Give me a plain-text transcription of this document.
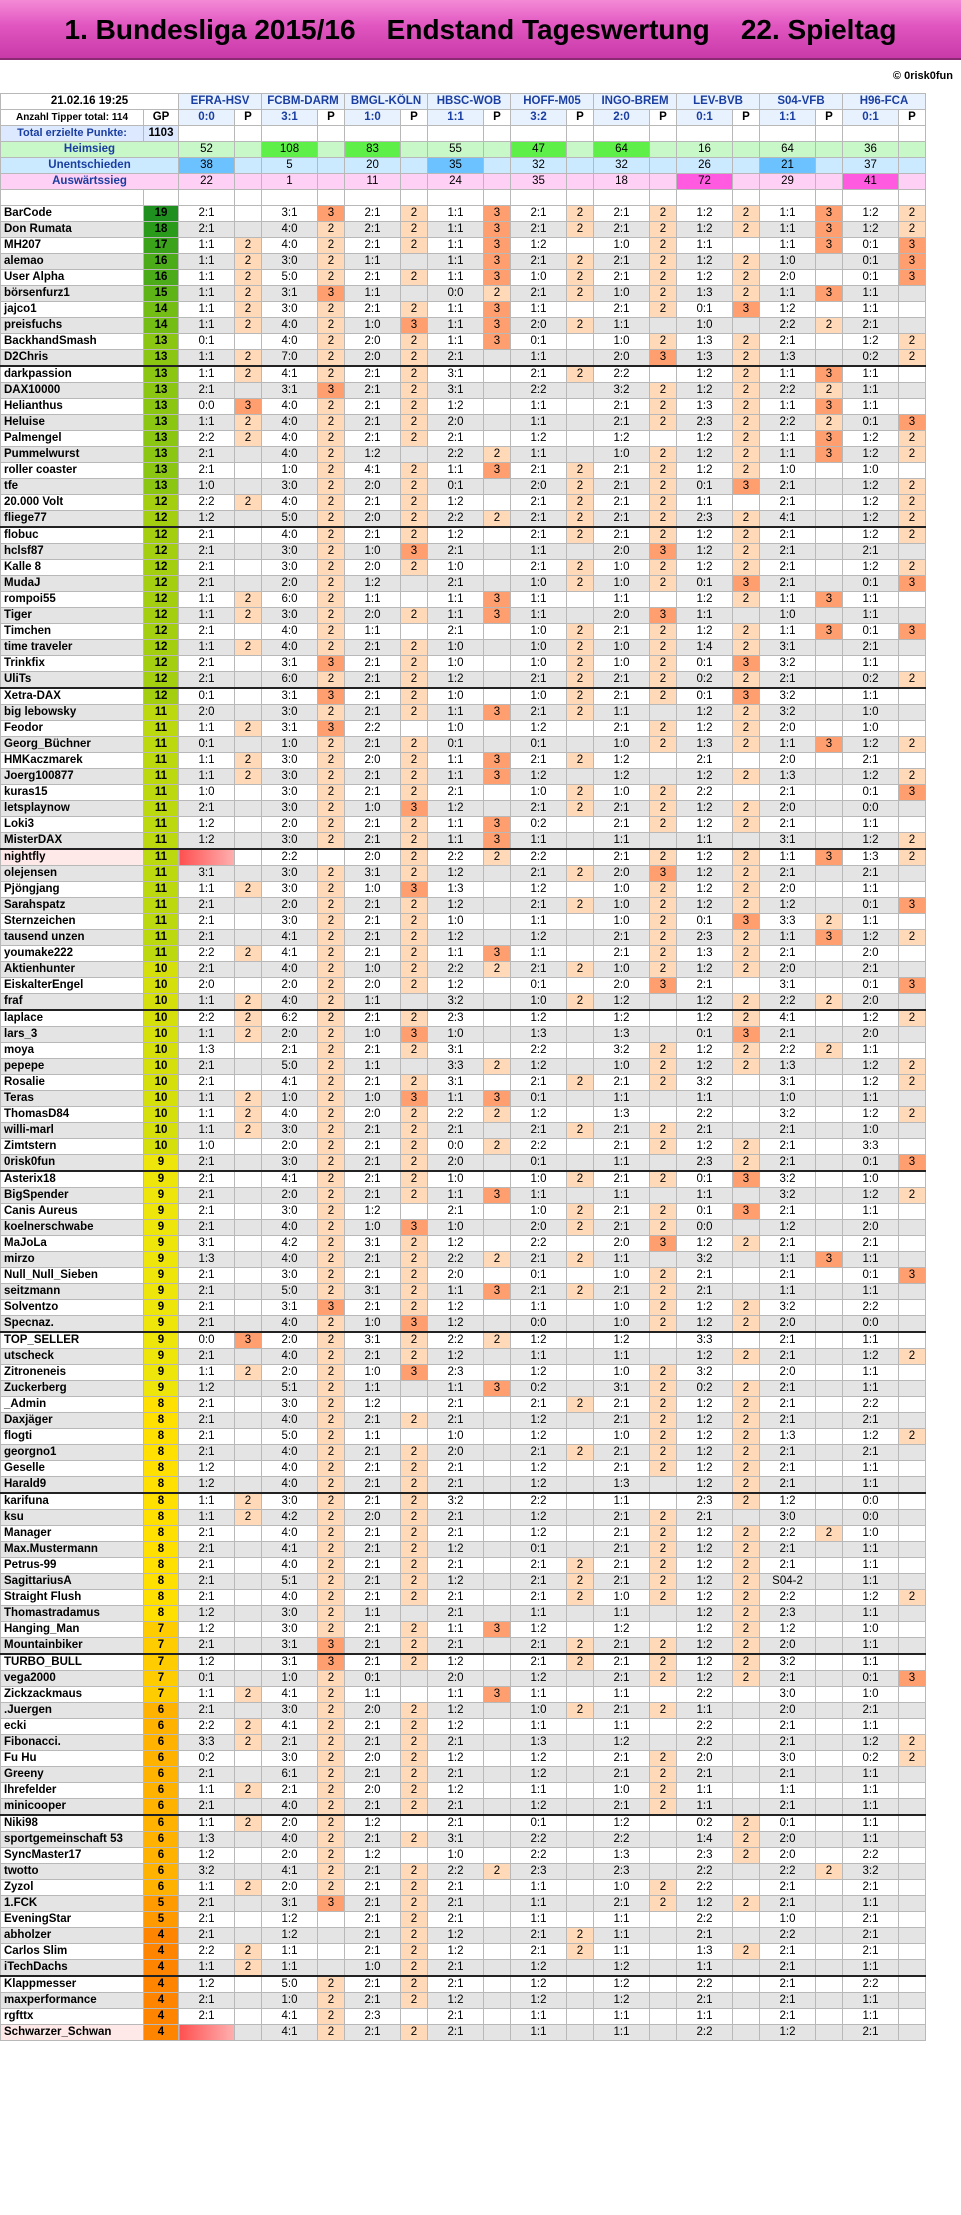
1. Bundesliga 2015/16    Endstand Tageswertung    22. Spieltag
© 0risk0fun
21.02.16 19:25		EFRA-HSV		FCBM-DARM		BMGL-KÖLN		HBSC-WOB		HOFF-M05		INGO-BREM		LEV-BVB		S04-VFB		H96-FCA	
Anzahl Tipper total: 114	GP	0:0	P	3:1	P	1:0	P	1:1	P	3:2	P	2:0	P	0:1	P	1:1	P	0:1	P
Total erzielte Punkte:	1103																		
Heimsieg		52		108		83		55		47		64		16		64		36	
Unentschieden		38		5		20		35		32		32		26		21		37	
Auswärtssieg		22		1		11		24		35		18		72		29		41	

BarCode	19	2:1		3:1	3	2:1	2	1:1	3	2:1	2	2:1	2	1:2	2	1:1	3	1:2	2
Don Rumata	18	2:1		4:0	2	2:1	2	1:1	3	2:1	2	2:1	2	1:2	2	1:1	3	1:2	2
MH207	17	1:1	2	4:0	2	2:1	2	1:1	3	1:2		1:0	2	1:1		1:1	3	0:1	3
alemao	16	1:1	2	3:0	2	1:1		1:1	3	2:1	2	2:1	2	1:2	2	1:0		0:1	3
User Alpha	16	1:1	2	5:0	2	2:1	2	1:1	3	1:0	2	2:1	2	1:2	2	2:0		0:1	3
börsenfurz1	15	1:1	2	3:1	3	1:1		0:0	2	2:1	2	1:0	2	1:3	2	1:1	3	1:1	
jajco1	14	1:1	2	3:0	2	2:1	2	1:1	3	1:1		2:1	2	0:1	3	1:2		1:1	
preisfuchs	14	1:1	2	4:0	2	1:0	3	1:1	3	2:0	2	1:1		1:0		2:2	2	2:1	
BackhandSmash	13	0:1		4:0	2	2:0	2	1:1	3	0:1		1:0	2	1:3	2	2:1		1:2	2
D2Chris	13	1:1	2	7:0	2	2:0	2	2:1		1:1		2:0	3	1:3	2	1:3		0:2	2
darkpassion	13	1:1	2	4:1	2	2:1	2	3:1		2:1	2	2:2		1:2	2	1:1	3	1:1	
DAX10000	13	2:1		3:1	3	2:1	2	3:1		2:2		3:2	2	1:2	2	2:2	2	1:1	
Helianthus	13	0:0	3	4:0	2	2:1	2	1:2		1:1		2:1	2	1:3	2	1:1	3	1:1	
Heluise	13	1:1	2	4:0	2	2:1	2	2:0		1:1		2:1	2	2:3	2	2:2	2	0:1	3
Palmengel	13	2:2	2	4:0	2	2:1	2	2:1		1:2		1:2		1:2	2	1:1	3	1:2	2
Pummelwurst	13	2:1		4:0	2	1:2		2:2	2	1:1		1:0	2	1:2	2	1:1	3	1:2	2
roller coaster	13	2:1		1:0	2	4:1	2	1:1	3	2:1	2	2:1	2	1:2	2	1:0		1:0	
tfe	13	1:0		3:0	2	2:0	2	0:1		2:0	2	2:1	2	0:1	3	2:1		1:2	2
20.000 Volt	12	2:2	2	4:0	2	2:1	2	1:2		2:1	2	2:1	2	1:1		2:1		1:2	2
fliege77	12	1:2		5:0	2	2:0	2	2:2	2	2:1	2	2:1	2	2:3	2	4:1		1:2	2
flobuc	12	2:1		4:0	2	2:1	2	1:2		2:1	2	2:1	2	1:2	2	2:1		1:2	2
hclsf87	12	2:1		3:0	2	1:0	3	2:1		1:1		2:0	3	1:2	2	2:1		2:1	
Kalle 8	12	2:1		3:0	2	2:0	2	1:0		2:1	2	1:0	2	1:2	2	2:1		1:2	2
MudaJ	12	2:1		2:0	2	1:2		2:1		1:0	2	1:0	2	0:1	3	2:1		0:1	3
rompoi55	12	1:1	2	6:0	2	1:1		1:1	3	1:1		1:1		1:2	2	1:1	3	1:1	
Tiger	12	1:1	2	3:0	2	2:0	2	1:1	3	1:1		2:0	3	1:1		1:0		1:1	
Timchen	12	2:1		4:0	2	1:1		2:1		1:0	2	2:1	2	1:2	2	1:1	3	0:1	3
time traveler	12	1:1	2	4:0	2	2:1	2	1:0		1:0	2	1:0	2	1:4	2	3:1		2:1	
Trinkfix	12	2:1		3:1	3	2:1	2	1:0		1:0	2	1:0	2	0:1	3	3:2		1:1	
UliTs	12	2:1		6:0	2	2:1	2	1:2		2:1	2	2:1	2	0:2	2	2:1		0:2	2
Xetra-DAX	12	0:1		3:1	3	2:1	2	1:0		1:0	2	2:1	2	0:1	3	3:2		1:1	
big lebowsky	11	2:0		3:0	2	2:1	2	1:1	3	2:1	2	1:1		1:2	2	3:2		1:0	
Feodor	11	1:1	2	3:1	3	2:2		1:0		1:2		2:1	2	1:2	2	2:0		1:0	
Georg_Büchner	11	0:1		1:0	2	2:1	2	0:1		0:1		1:0	2	1:3	2	1:1	3	1:2	2
HMKaczmarek	11	1:1	2	3:0	2	2:0	2	1:1	3	2:1	2	1:2		2:1		2:0		2:1	
Joerg100877	11	1:1	2	3:0	2	2:1	2	1:1	3	1:2		1:2		1:2	2	1:3		1:2	2
kuras15	11	1:0		3:0	2	2:1	2	2:1		1:0	2	1:0	2	2:2		2:1		0:1	3
letsplaynow	11	2:1		3:0	2	1:0	3	1:2		2:1	2	2:1	2	1:2	2	2:0		0:0	
Loki3	11	1:2		2:0	2	2:1	2	1:1	3	0:2		2:1	2	1:2	2	2:1		1:1	
MisterDAX	11	1:2		3:0	2	2:1	2	1:1	3	1:1		1:1		1:1		3:1		1:2	2
nightfly	11			2:2		2:0	2	2:2	2	2:2		2:1	2	1:2	2	1:1	3	1:3	2
olejensen	11	3:1		3:0	2	3:1	2	1:2		2:1	2	2:0	3	1:2	2	2:1		2:1	
Pjöngjang	11	1:1	2	3:0	2	1:0	3	1:3		1:2		1:0	2	1:2	2	2:0		1:1	
Sarahspatz	11	2:1		2:0	2	2:1	2	1:2		2:1	2	1:0	2	1:2	2	1:2		0:1	3
Sternzeichen	11	2:1		3:0	2	2:1	2	1:0		1:1		1:0	2	0:1	3	3:3	2	1:1	
tausend unzen	11	2:1		4:1	2	2:1	2	1:2		1:2		2:1	2	2:3	2	1:1	3	1:2	2
youmake222	11	2:2	2	4:1	2	2:1	2	1:1	3	1:1		2:1	2	1:3	2	2:1		2:0	
Aktienhunter	10	2:1		4:0	2	1:0	2	2:2	2	2:1	2	1:0	2	1:2	2	2:0		2:1	
EiskalterEngel	10	2:0		2:0	2	2:0	2	1:2		0:1		2:0	3	2:1		3:1		0:1	3
fraf	10	1:1	2	4:0	2	1:1		3:2		1:0	2	1:2		1:2	2	2:2	2	2:0	
laplace	10	2:2	2	6:2	2	2:1	2	2:3		1:2		1:2		1:2	2	4:1		1:2	2
lars_3	10	1:1	2	2:0	2	1:0	3	1:0		1:3		1:3		0:1	3	2:1		2:0	
moya	10	1:3		2:1	2	2:1	2	3:1		2:2		3:2	2	1:2	2	2:2	2	1:1	
pepepe	10	2:1		5:0	2	1:1		3:3	2	1:2		1:0	2	1:2	2	1:3		1:2	2
Rosalie	10	2:1		4:1	2	2:1	2	3:1		2:1	2	2:1	2	3:2		3:1		1:2	2
Teras	10	1:1	2	1:0	2	1:0	3	1:1	3	0:1		1:1		1:1		1:0		1:1	
ThomasD84	10	1:1	2	4:0	2	2:0	2	2:2	2	1:2		1:3		2:2		3:2		1:2	2
willi-marl	10	1:1	2	3:0	2	2:1	2	2:1		2:1	2	2:1	2	2:1		2:1		1:0	
Zimtstern	10	1:0		2:0	2	2:1	2	0:0	2	2:2		2:1	2	1:2	2	2:1		3:3	
0risk0fun	9	2:1		3:0	2	2:1	2	2:0		0:1		1:1		2:3	2	2:1		0:1	3
Asterix18	9	2:1		4:1	2	2:1	2	1:0		1:0	2	2:1	2	0:1	3	3:2		1:0	
BigSpender	9	2:1		2:0	2	2:1	2	1:1	3	1:1		1:1		1:1		3:2		1:2	2
Canis Aureus	9	2:1		3:0	2	1:2		2:1		1:0	2	2:1	2	0:1	3	2:1		1:1	
koelnerschwabe	9	2:1		4:0	2	1:0	3	1:0		2:0	2	2:1	2	0:0		1:2		2:0	
MaJoLa	9	3:1		4:2	2	3:1	2	1:2		2:2		2:0	3	1:2	2	2:1		2:1	
mirzo	9	1:3		4:0	2	2:1	2	2:2	2	2:1	2	1:1		3:2		1:1	3	1:1	
Null_Null_Sieben	9	2:1		3:0	2	2:1	2	2:0		0:1		1:0	2	2:1		2:1		0:1	3
seitzmann	9	2:1		5:0	2	3:1	2	1:1	3	2:1	2	2:1	2	2:1		1:1		1:1	
Solventzo	9	2:1		3:1	3	2:1	2	1:2		1:1		1:0	2	1:2	2	3:2		2:2	
Specnaz.	9	2:1		4:0	2	1:0	3	1:2		0:0		1:0	2	1:2	2	2:0		0:0	
TOP_SELLER	9	0:0	3	2:0	2	3:1	2	2:2	2	1:2		1:2		3:3		2:1		1:1	
utscheck	9	2:1		4:0	2	2:1	2	1:2		1:1		1:1		1:2	2	2:1		1:2	2
Zitroneneis	9	1:1	2	2:0	2	1:0	3	2:3		1:2		1:0	2	3:2		2:0		1:1	
Zuckerberg	9	1:2		5:1	2	1:1		1:1	3	0:2		3:1	2	0:2	2	2:1		1:1	
_Admin	8	2:1		3:0	2	1:2		2:1		2:1	2	2:1	2	1:2	2	2:1		2:2	
Daxjäger	8	2:1		4:0	2	2:1	2	2:1		1:2		2:1	2	1:2	2	2:1		2:1	
flogti	8	2:1		5:0	2	1:1		1:0		1:2		1:0	2	1:2	2	1:3		1:2	2
georgno1	8	2:1		4:0	2	2:1	2	2:0		2:1	2	2:1	2	1:2	2	2:1		2:1	
Geselle	8	1:2		4:0	2	2:1	2	2:1		1:2		2:1	2	1:2	2	2:1		1:1	
Harald9	8	1:2		4:0	2	2:1	2	2:1		1:2		1:3		1:2	2	2:1		1:1	
karifuna	8	1:1	2	3:0	2	2:1	2	3:2		2:2		1:1		2:3	2	1:2		0:0	
ksu	8	1:1	2	4:2	2	2:0	2	2:1		1:2		2:1	2	2:1		3:0		0:0	
Manager	8	2:1		4:0	2	2:1	2	2:1		1:2		2:1	2	1:2	2	2:2	2	1:0	
Max.Mustermann	8	2:1		4:1	2	2:1	2	1:2		0:1		2:1	2	1:2	2	2:1		1:1	
Petrus-99	8	2:1		4:0	2	2:1	2	2:1		2:1	2	2:1	2	1:2	2	2:1		1:1	
SagittariusA	8	2:1		5:1	2	2:1	2	1:2		2:1	2	2:1	2	1:2	2	S04-2		1:1	
Straight Flush	8	2:1		4:0	2	2:1	2	2:1		2:1	2	1:0	2	1:2	2	2:2		1:2	2
Thomastradamus	8	1:2		3:0	2	1:1		2:1		1:1		1:1		1:2	2	2:3		1:1	
Hanging_Man	7	1:2		3:0	2	2:1	2	1:1	3	1:2		1:2		1:2	2	1:2		1:0	
Mountainbiker	7	2:1		3:1	3	2:1	2	2:1		2:1	2	2:1	2	1:2	2	2:0		1:1	
TURBO_BULL	7	1:2		3:1	3	2:1	2	1:2		2:1	2	2:1	2	1:2	2	3:2		1:1	
vega2000	7	0:1		1:0	2	0:1		2:0		1:2		2:1	2	1:2	2	2:1		0:1	3
Zickzackmaus	7	1:1	2	4:1	2	1:1		1:1	3	1:1		1:1		2:2		3:0		1:0	
.Juergen	6	2:1		3:0	2	2:0	2	1:2		1:0	2	2:1	2	1:1		2:0		2:1	
ecki	6	2:2	2	4:1	2	2:1	2	1:2		1:1		1:1		2:2		2:1		1:1	
Fibonacci.	6	3:3	2	2:1	2	2:1	2	2:1		1:3		1:2		2:2		2:1		1:2	2
Fu Hu	6	0:2		3:0	2	2:0	2	1:2		1:2		2:1	2	2:0		3:0		0:2	2
Greeny	6	2:1		6:1	2	2:1	2	2:1		1:2		2:1	2	2:1		2:1		1:1	
Ihrefelder	6	1:1	2	2:1	2	2:0	2	1:2		1:1		1:0	2	1:1		1:1		1:1	
minicooper	6	2:1		4:0	2	2:1	2	2:1		1:2		2:1	2	1:1		2:1		1:1	
Niki98	6	1:1	2	2:0	2	1:2		2:1		0:1		1:2		0:2	2	0:1		1:1	
sportgemeinschaft 53	6	1:3		4:0	2	2:1	2	3:1		2:2		2:2		1:4	2	2:0		1:1	
SyncMaster17	6	1:2		2:0	2	1:2		1:0		2:2		1:3		2:3	2	2:0		2:2	
twotto	6	3:2		4:1	2	2:1	2	2:2	2	2:3		2:3		2:2		2:2	2	3:2	
Zyzol	6	1:1	2	2:0	2	2:1	2	2:1		1:1		1:0	2	2:2		2:1		2:1	
1.FCK	5	2:1		3:1	3	2:1	2	2:1		1:1		2:1	2	1:2	2	2:1		1:1	
EveningStar	5	2:1		1:2		2:1	2	2:1		1:1		1:1		2:2		1:0		2:1	
abholzer	4	2:1		1:2		2:1	2	1:2		2:1	2	1:1		2:1		2:2		2:1	
Carlos Slim	4	2:2	2	1:1		2:1	2	1:2		2:1	2	1:1		1:3	2	2:1		2:1	
iTechDachs	4	1:1	2	1:1		1:0	2	2:1		1:2		1:2		1:1		2:1		1:1	
Klappmesser	4	1:2		5:0	2	2:1	2	2:1		1:2		1:2		2:2		2:1		2:2	
maxperformance	4	2:1		1:0	2	2:1	2	1:2		1:2		1:2		2:1		2:1		1:1	
rgfttx	4	2:1		4:1	2	2:3		2:1		1:1		1:1		1:1		2:1		1:1	
Schwarzer_Schwan	4			4:1	2	2:1	2	2:1		1:1		1:1		2:2		1:2		2:1	
